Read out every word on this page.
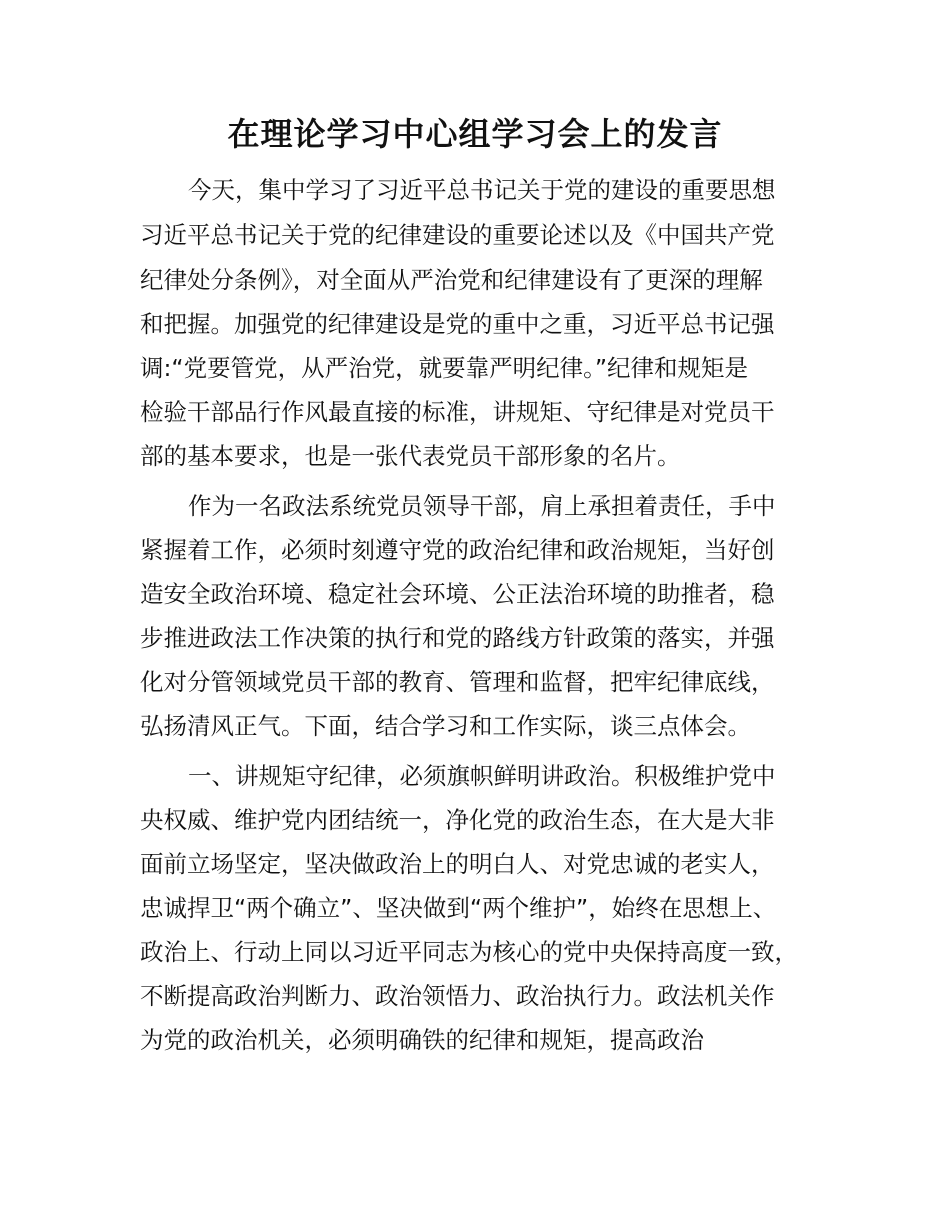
在理论学习中心组学习会上的发言
今天，集中学习了习近平总书记关于党的建设的重要思想
习近平总书记关于党的纪律建设的重要论述以及《中国共产党
纪律处分条例》，对全面从严治党和纪律建设有了更深的理解
和把握。加强党的纪律建设是党的重中之重，习近平总书记强
调:“党要管党，从严治党，就要靠严明纪律。”纪律和规矩是
检验干部品行作风最直接的标准，讲规矩、守纪律是对党员干
部的基本要求，也是一张代表党员干部形象的名片。
作为一名政法系统党员领导干部，肩上承担着责任，手中
紧握着工作，必须时刻遵守党的政治纪律和政治规矩，当好创
造安全政治环境、稳定社会环境、公正法治环境的助推者，稳
步推进政法工作决策的执行和党的路线方针政策的落实，并强
化对分管领域党员干部的教育、管理和监督，把牢纪律底线，
弘扬清风正气。下面，结合学习和工作实际，谈三点体会。
一、讲规矩守纪律，必须旗帜鲜明讲政治。积极维护党中
央权威、维护党内团结统一，净化党的政治生态，在大是大非
面前立场坚定，坚决做政治上的明白人、对党忠诚的老实人，
忠诚捍卫“两个确立”、坚决做到“两个维护”，始终在思想上、
政治上、行动上同以习近平同志为核心的党中央保持高度一致，
不断提高政治判断力、政治领悟力、政治执行力。政法机关作
为党的政治机关，必须明确铁的纪律和规矩，提高政治
